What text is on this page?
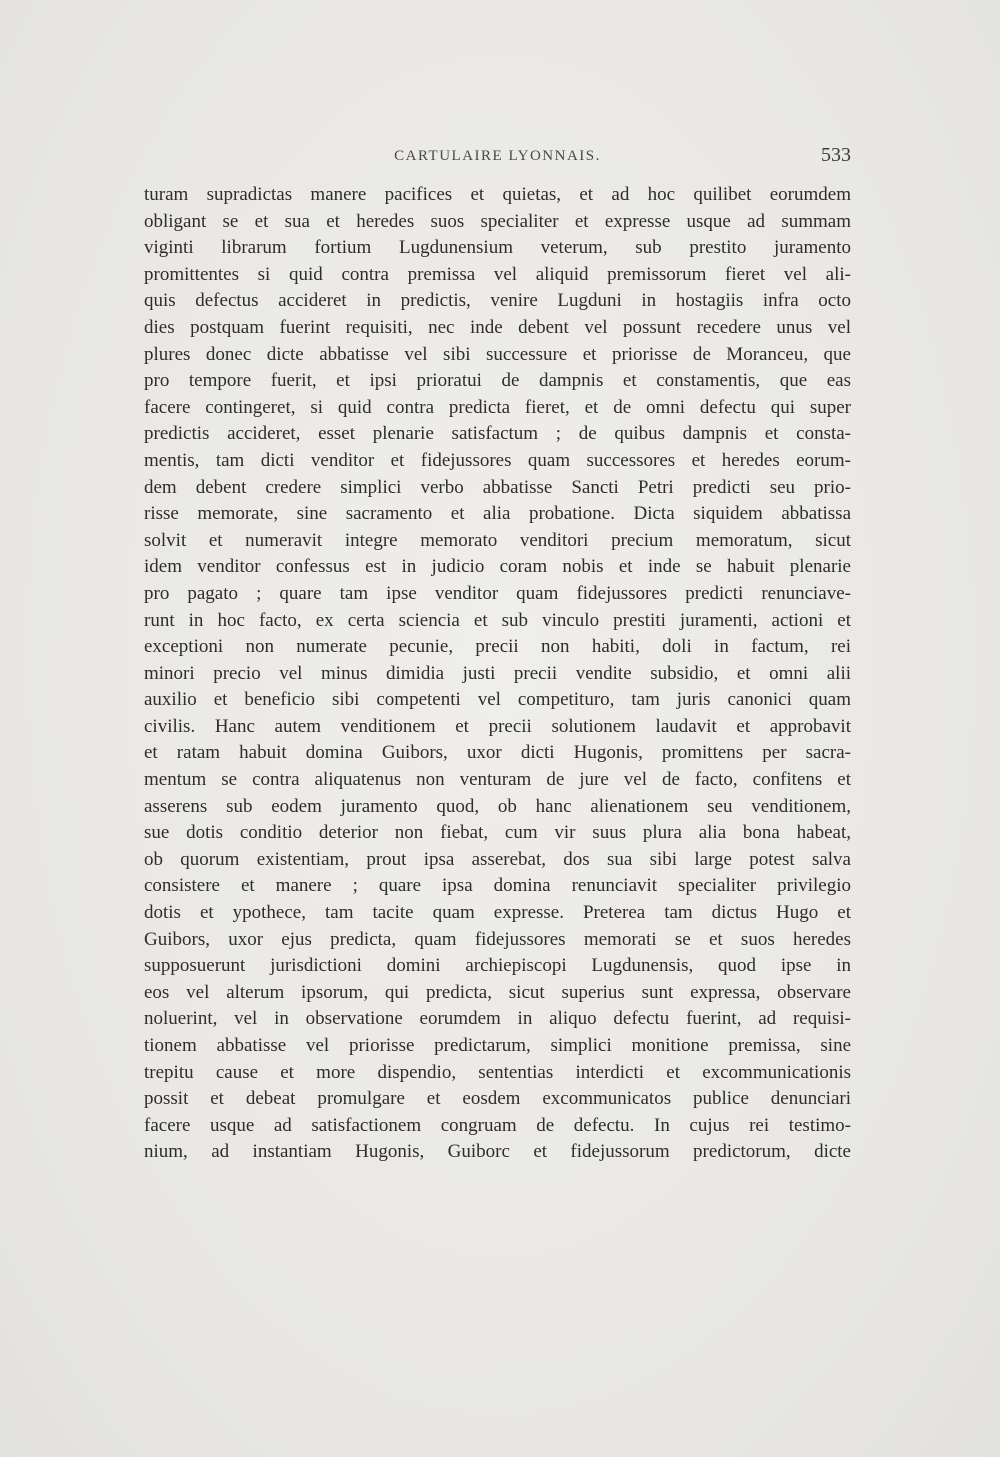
CARTULAIRE LYONNAIS.	533
turam supradictas manere pacifices et quietas, et ad hoc quilibet eorumdem
obligant se et sua et heredes suos specialiter et expresse usque ad summam
viginti librarum fortium Lugdunensium veterum, sub prestito juramento
promittentes si quid contra premissa vel aliquid premissorum fieret vel ali-
quis defectus accideret in predictis, venire Lugduni in hostagiis infra octo
dies postquam fuerint requisiti, nec inde debent vel possunt recedere unus vel
plures donec dicte abbatisse vel sibi successure et priorisse de Moranceu, que
pro tempore fuerit, et ipsi prioratui de dampnis et constamentis, que eas
facere contingeret, si quid contra predicta fieret, et de omni defectu qui super
predictis accideret, esset plenarie satisfactum ; de quibus dampnis et consta-
mentis, tam dicti venditor et fidejussores quam successores et heredes eorum-
dem debent credere simplici verbo abbatisse Sancti Petri predicti seu prio-
risse memorate, sine sacramento et alia probatione. Dicta siquidem abbatissa
solvit et numeravit integre memorato venditori precium memoratum, sicut
idem venditor confessus est in judicio coram nobis et inde se habuit plenarie
pro pagato ; quare tam ipse venditor quam fidejussores predicti renunciave-
runt in hoc facto, ex certa sciencia et sub vinculo prestiti juramenti, actioni et
exceptioni non numerate pecunie, precii non habiti, doli in factum, rei
minori precio vel minus dimidia justi precii vendite subsidio, et omni alii
auxilio et beneficio sibi competenti vel competituro, tam juris canonici quam
civilis. Hanc autem venditionem et precii solutionem laudavit et approbavit
et ratam habuit domina Guibors, uxor dicti Hugonis, promittens per sacra-
mentum se contra aliquatenus non venturam de jure vel de facto, confitens et
asserens sub eodem juramento quod, ob hanc alienationem seu venditionem,
sue dotis conditio deterior non fiebat, cum vir suus plura alia bona habeat,
ob quorum existentiam, prout ipsa asserebat, dos sua sibi large potest salva
consistere et manere ; quare ipsa domina renunciavit specialiter privilegio
dotis et ypothece, tam tacite quam expresse. Preterea tam dictus Hugo et
Guibors, uxor ejus predicta, quam fidejussores memorati se et suos heredes
supposuerunt jurisdictioni domini archiepiscopi Lugdunensis, quod ipse in
eos vel alterum ipsorum, qui predicta, sicut superius sunt expressa, observare
noluerint, vel in observatione eorumdem in aliquo defectu fuerint, ad requisi-
tionem abbatisse vel priorisse predictarum, simplici monitione premissa, sine
trepitu cause et more dispendio, sententias interdicti et excommunicationis
possit et debeat promulgare et eosdem excommunicatos publice denunciari
facere usque ad satisfactionem congruam de defectu. In cujus rei testimo-
nium, ad instantiam Hugonis, Guiborc et fidejussorum predictorum, dicte
